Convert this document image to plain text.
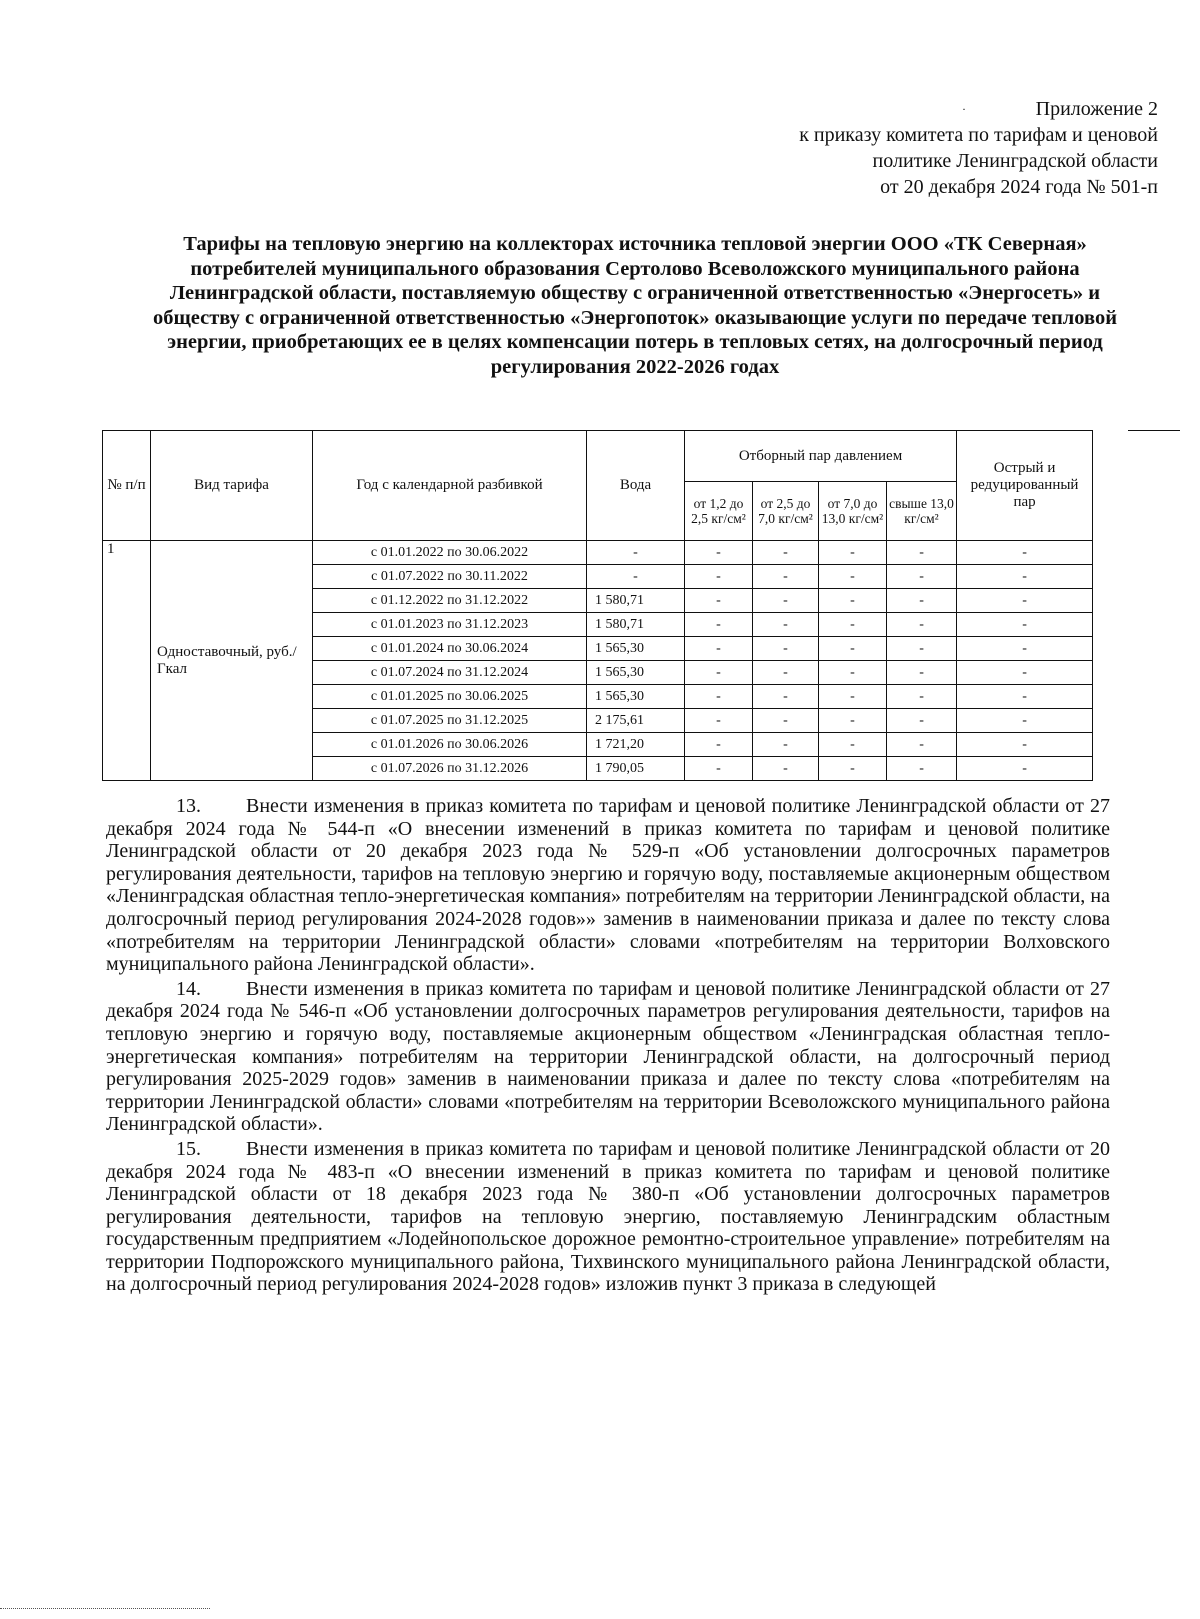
·	Приложение 2
к приказу комитета по тарифам и ценовой
политике Ленинградской области
от 20 декабря 2024 года № 501-п
Тарифы на тепловую энергию на коллекторах источника тепловой энергии ООО «ТК Северная» потребителей муниципального образования Сертолово Всеволожского муниципального района Ленинградской области, поставляемую обществу с ограниченной ответственностью «Энергосеть» и обществу с ограниченной ответственностью «Энергопоток» оказывающие услуги по передаче тепловой энергии, приобретающих ее в целях компенсации потерь в тепловых сетях, на долгосрочный период регулирования 2022-2026 годах
№ п/п	Вид тарифа	Год с календарной разбивкой	Вода	Отборный пар давлением				Острый и редуцированный пар	
				от 1,2 до 2,5 кг/см²	от 2,5 до 7,0 кг/см²	от 7,0 до 13,0 кг/см²	свыше 13,0 кг/см²		
1	Одноставочный, руб./Гкал	с 01.01.2022 по 30.06.2022	-	-	-	-	-	-	
		с 01.07.2022 по 30.11.2022	-	-	-	-	-	-	
		с 01.12.2022 по 31.12.2022	1 580,71	-	-	-	-	-	
		с 01.01.2023 по 31.12.2023	1 580,71	-	-	-	-	-	
		с 01.01.2024 по 30.06.2024	1 565,30	-	-	-	-	-	
		с 01.07.2024 по 31.12.2024	1 565,30	-	-	-	-	-	
		с 01.01.2025 по 30.06.2025	1 565,30	-	-	-	-	-	
		с 01.07.2025 по 31.12.2025	2 175,61	-	-	-	-	-	
		с 01.01.2026 по 30.06.2026	1 721,20	-	-	-	-	-	
		с 01.07.2026 по 31.12.2026	1 790,05	-	-	-	-	-	

13. Внести изменения в приказ комитета по тарифам и ценовой политике Ленинградской области от 27 декабря 2024 года № 544-п «О внесении изменений в приказ комитета по тарифам и ценовой политике Ленинградской области от 20 декабря 2023 года № 529-п «Об установлении долгосрочных параметров регулирования деятельности, тарифов на тепловую энергию и горячую воду, поставляемые акционерным обществом «Ленинградская областная тепло-энергетическая компания» потребителям на территории Ленинградской области, на долгосрочный период регулирования 2024-2028 годов»» заменив в наименовании приказа и далее по тексту слова «потребителям на территории Ленинградской области» словами «потребителям на территории Волховского муниципального района Ленинградской области».

14. Внести изменения в приказ комитета по тарифам и ценовой политике Ленинградской области от 27 декабря 2024 года № 546-п «Об установлении долгосрочных параметров регулирования деятельности, тарифов на тепловую энергию и горячую воду, поставляемые акционерным обществом «Ленинградская областная тепло-энергетическая компания» потребителям на территории Ленинградской области, на долгосрочный период регулирования 2025-2029 годов» заменив в наименовании приказа и далее по тексту слова «потребителям на территории Ленинградской области» словами «потребителям на территории Всеволожского муниципального района Ленинградской области».

15. Внести изменения в приказ комитета по тарифам и ценовой политике Ленинградской области от 20 декабря 2024 года № 483-п «О внесении изменений в приказ комитета по тарифам и ценовой политике Ленинградской области от 18 декабря 2023 года № 380-п «Об установлении долгосрочных параметров регулирования деятельности, тарифов на тепловую энергию, поставляемую Ленинградским областным государственным предприятием «Лодейнопольское дорожное ремонтно-строительное управление» потребителям на территории Подпорожского муниципального района, Тихвинского муниципального района Ленинградской области, на долгосрочный период регулирования 2024-2028 годов» изложив пункт 3 приказа в следующей
